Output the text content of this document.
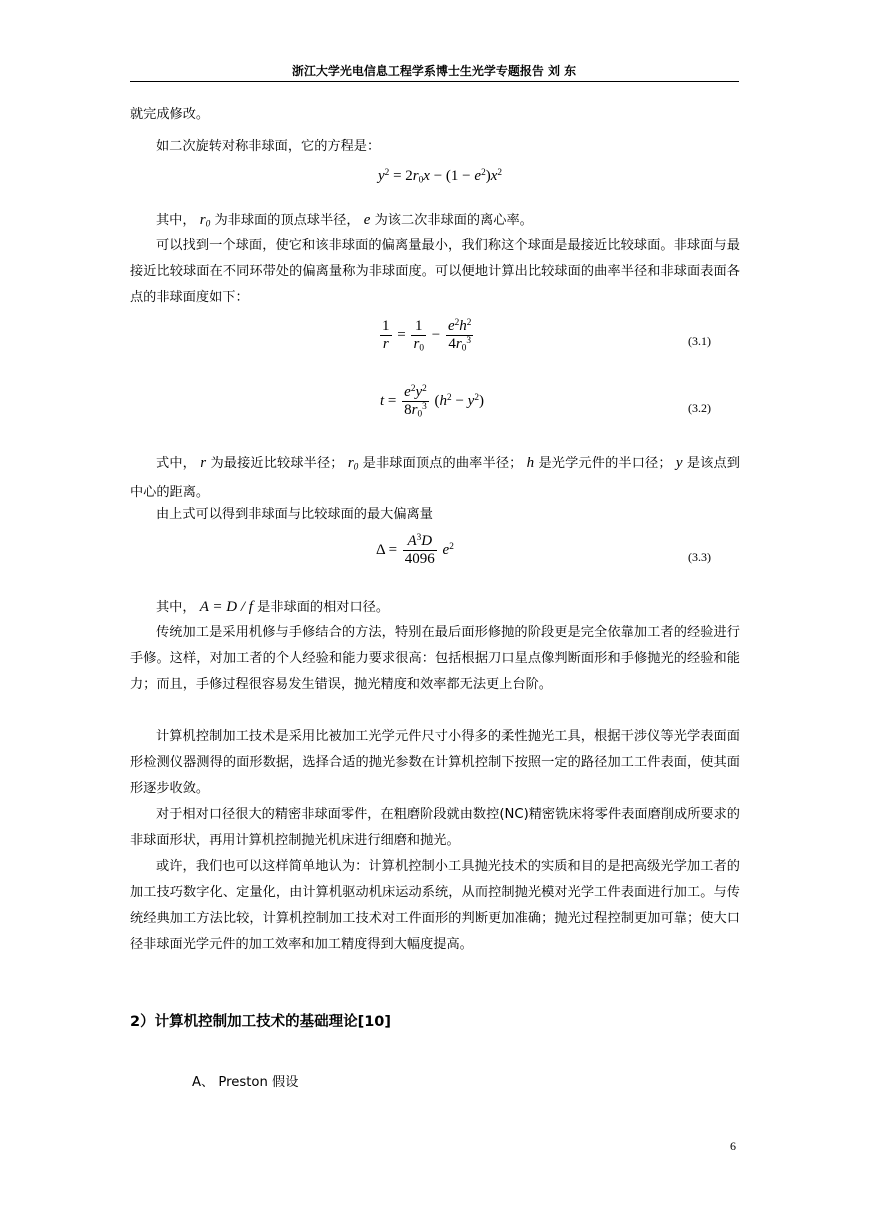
浙江大学光电信息工程学系博士生光学专题报告 刘 东

就完成修改。

如二次旋转对称非球面，它的方程是：

$y^2 = 2r_0x - (1 - e^2)x^2$

其中， $r_0$ 为非球面的顶点球半径， e 为该二次非球面的离心率。

可以找到一个球面，使它和该非球面的偏离量最小，我们称这个球面是最接近比较球面。非球面与最接近比较球面在不同环带处的偏离量称为非球面度。可以便地计算出比较球面的曲率半径和非球面表面各点的非球面度如下：

$\frac{1}{r} = \frac{1}{r_0} - \frac{e^2h^2}{4r_0^3}$	(3.1)
$t = \frac{e^2y^2}{8r_0^3} (h^2 - y^2)$	(3.2)

式中， r 为最接近比较球半径； $r_0$ 是非球面顶点的曲率半径； h 是光学元件的半口径； y 是该点到中心的距离。

由上式可以得到非球面与比较球面的最大偏离量

$\Delta = \frac{A^3D}{4096} e^2$
(3.3)

其中， A = D / f 是非球面的相对口径。

传统加工是采用机修与手修结合的方法，特别在最后面形修抛的阶段更是完全依靠加工者的经验进行手修。这样，对加工者的个人经验和能力要求很高：包括根据刀口星点像判断面形和手修抛光的经验和能力；而且，手修过程很容易发生错误，抛光精度和效率都无法更上台阶。

计算机控制加工技术是采用比被加工光学元件尺寸小得多的柔性抛光工具，根据干涉仪等光学表面面形检测仪器测得的面形数据，选择合适的抛光参数在计算机控制下按照一定的路径加工工件表面，使其面形逐步收敛。

对于相对口径很大的精密非球面零件，在粗磨阶段就由数控(NC)精密铣床将零件表面磨削成所要求的非球面形状，再用计算机控制抛光机床进行细磨和抛光。

或许，我们也可以这样简单地认为：计算机控制小工具抛光技术的实质和目的是把高级光学加工者的加工技巧数字化、定量化，由计算机驱动机床运动系统，从而控制抛光模对光学工件表面进行加工。与传统经典加工方法比较，计算机控制加工技术对工件面形的判断更加准确；抛光过程控制更加可靠；使大口径非球面光学元件的加工效率和加工精度得到大幅度提高。

2）计算机控制加工技术的基础理论[10]
A、 Preston 假设
6
